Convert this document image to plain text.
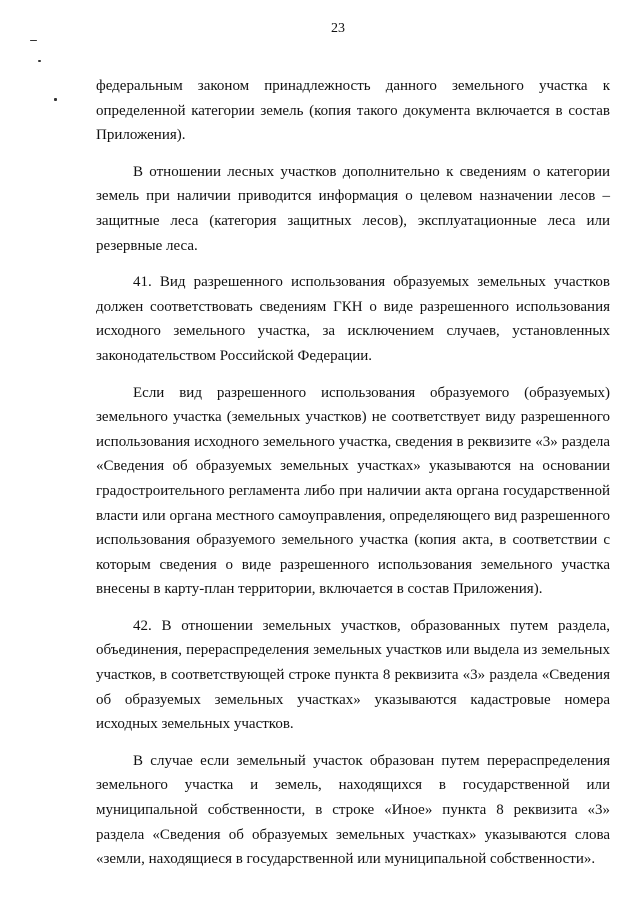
23

федеральным законом принадлежность данного земельного участка к определенной категории земель (копия такого документа включается в состав Приложения).

В отношении лесных участков дополнительно к сведениям о категории земель при наличии приводится информация о целевом назначении лесов – защитные леса (категория защитных лесов), эксплуатационные леса или резервные леса.

41. Вид разрешенного использования образуемых земельных участков должен соответствовать сведениям ГКН о виде разрешенного использования исходного земельного участка, за исключением случаев, установленных законодательством Российской Федерации.

Если вид разрешенного использования образуемого (образуемых) земельного участка (земельных участков) не соответствует виду разрешенного использования исходного земельного участка, сведения в реквизите «3» раздела «Сведения об образуемых земельных участках» указываются на основании градостроительного регламента либо при наличии акта органа государственной власти или органа местного самоуправления, определяющего вид разрешенного использования образуемого земельного участка (копия акта, в соответствии с которым сведения о виде разрешенного использования земельного участка внесены в карту-план территории, включается в состав Приложения).

42. В отношении земельных участков, образованных путем раздела, объединения, перераспределения земельных участков или выдела из земельных участков, в соответствующей строке пункта 8 реквизита «3» раздела «Сведения об образуемых земельных участках» указываются кадастровые номера исходных земельных участков.

В случае если земельный участок образован путем перераспределения земельного участка и земель, находящихся в государственной или муниципальной собственности, в строке «Иное» пункта 8 реквизита «3» раздела «Сведения об образуемых земельных участках» указываются слова «земли, находящиеся в государственной или муниципальной собственности».
